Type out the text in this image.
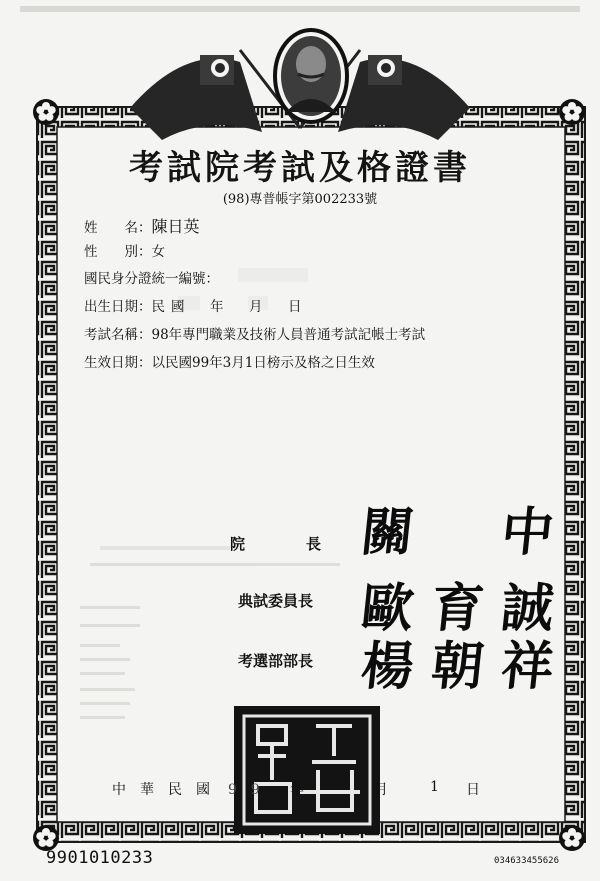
考試院考試及格證書
(98)專普帳字第002233號
姓　　名：陳日英
性　　別：女
國民身分證統一編號：
出生日期：民國　年　月　日
考試名稱：98年專門職業及技術人員普通考試記帳士考試
生效日期：以民國99年3月1日榜示及格之日生效
院　　　長 關　中
典試委員長 歐育誠
考選部部長 楊朝祥
中　華　民　國 9　9 年	月	1 日
9901010233	034633455626
